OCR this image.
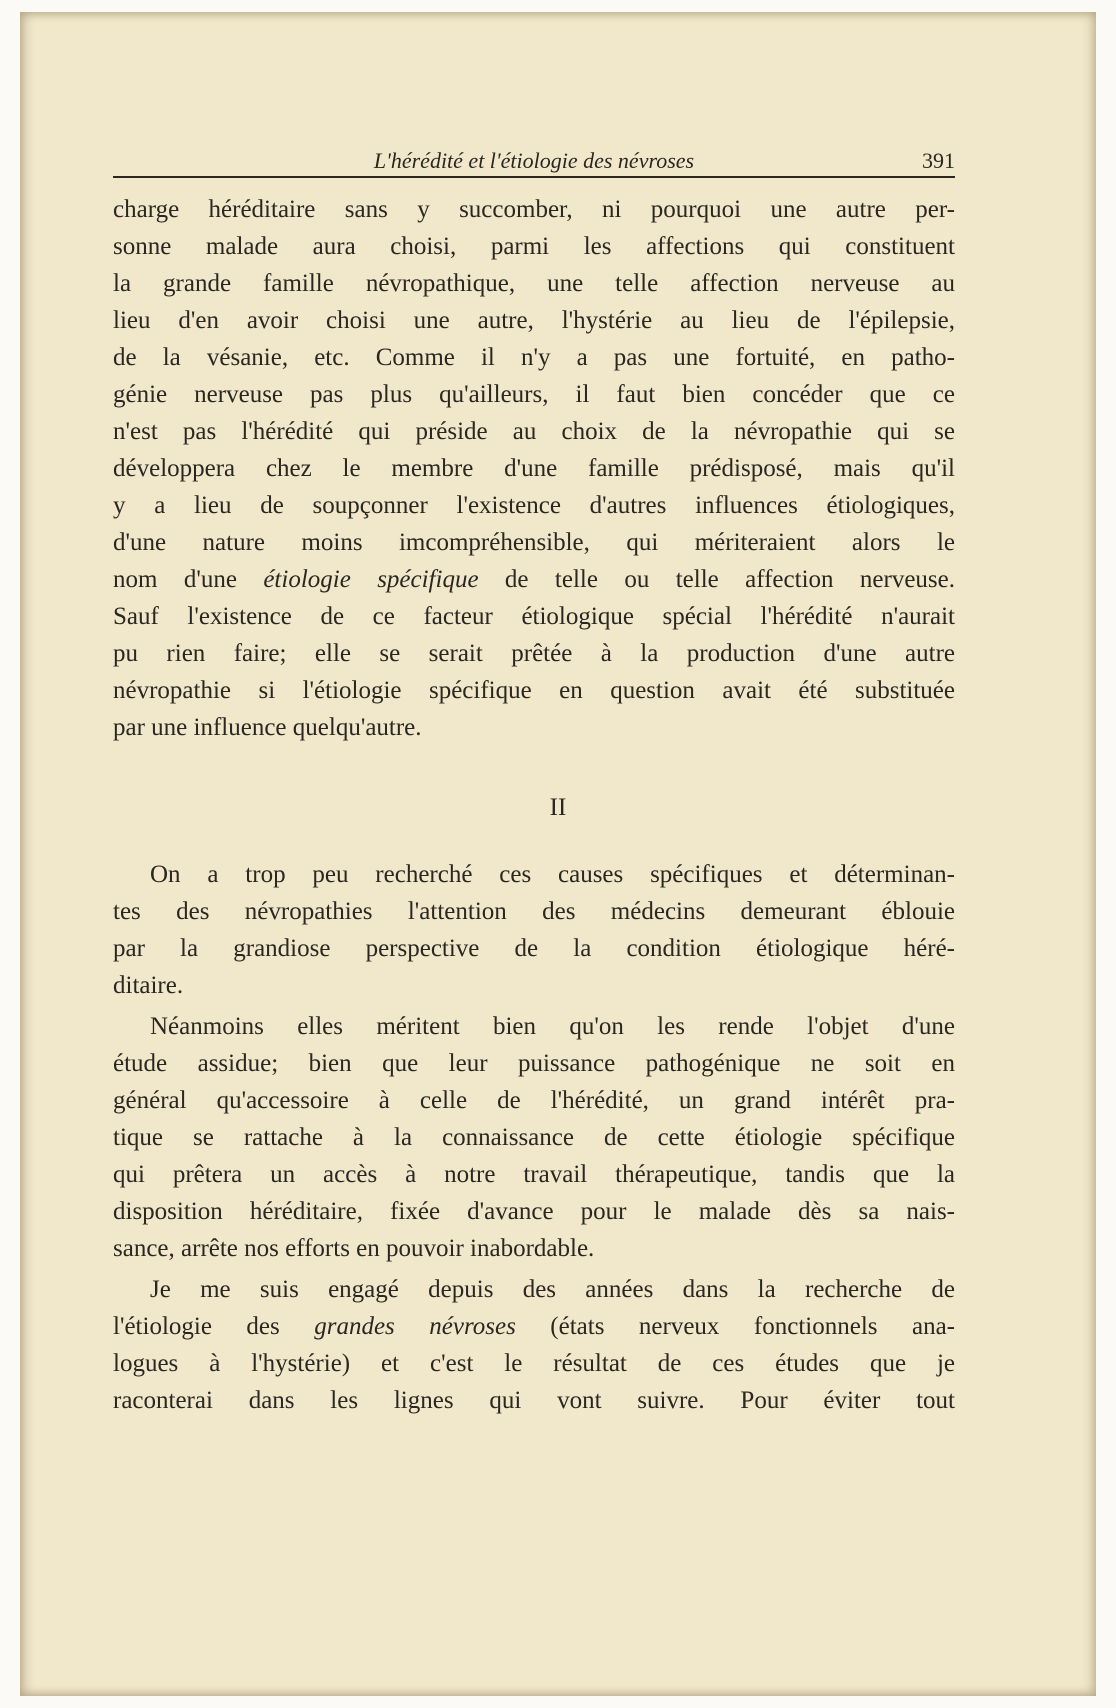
L'hérédité et l'étiologie des névroses	391
charge héréditaire sans y succomber, ni pourquoi une autre per-
sonne malade aura choisi, parmi les affections qui constituent
la grande famille névropathique, une telle affection nerveuse au
lieu d'en avoir choisi une autre, l'hystérie au lieu de l'épilepsie,
de la vésanie, etc. Comme il n'y a pas une fortuité, en patho-
génie nerveuse pas plus qu'ailleurs, il faut bien concéder que ce
n'est pas l'hérédité qui préside au choix de la névropathie qui se
développera chez le membre d'une famille prédisposé, mais qu'il
y a lieu de soupçonner l'existence d'autres influences étiologiques,
d'une nature moins imcompréhensible, qui mériteraient alors le
nom d'une étiologie spécifique de telle ou telle affection nerveuse.
Sauf l'existence de ce facteur étiologique spécial l'hérédité n'aurait
pu rien faire; elle se serait prêtée à la production d'une autre
névropathie si l'étiologie spécifique en question avait été substituée
par une influence quelqu'autre.
On a trop peu recherché ces causes spécifiques et déterminan-
tes des névropathies l'attention des médecins demeurant éblouie
par la grandiose perspective de la condition étiologique héré-
ditaire.
Néanmoins elles méritent bien qu'on les rende l'objet d'une
étude assidue; bien que leur puissance pathogénique ne soit en
général qu'accessoire à celle de l'hérédité, un grand intérêt pra-
tique se rattache à la connaissance de cette étiologie spécifique
qui prêtera un accès à notre travail thérapeutique, tandis que la
disposition héréditaire, fixée d'avance pour le malade dès sa nais-
sance, arrête nos efforts en pouvoir inabordable.
Je me suis engagé depuis des années dans la recherche de
l'étiologie des grandes névroses (états nerveux fonctionnels ana-
logues à l'hystérie) et c'est le résultat de ces études que je
raconterai dans les lignes qui vont suivre. Pour éviter tout
II
